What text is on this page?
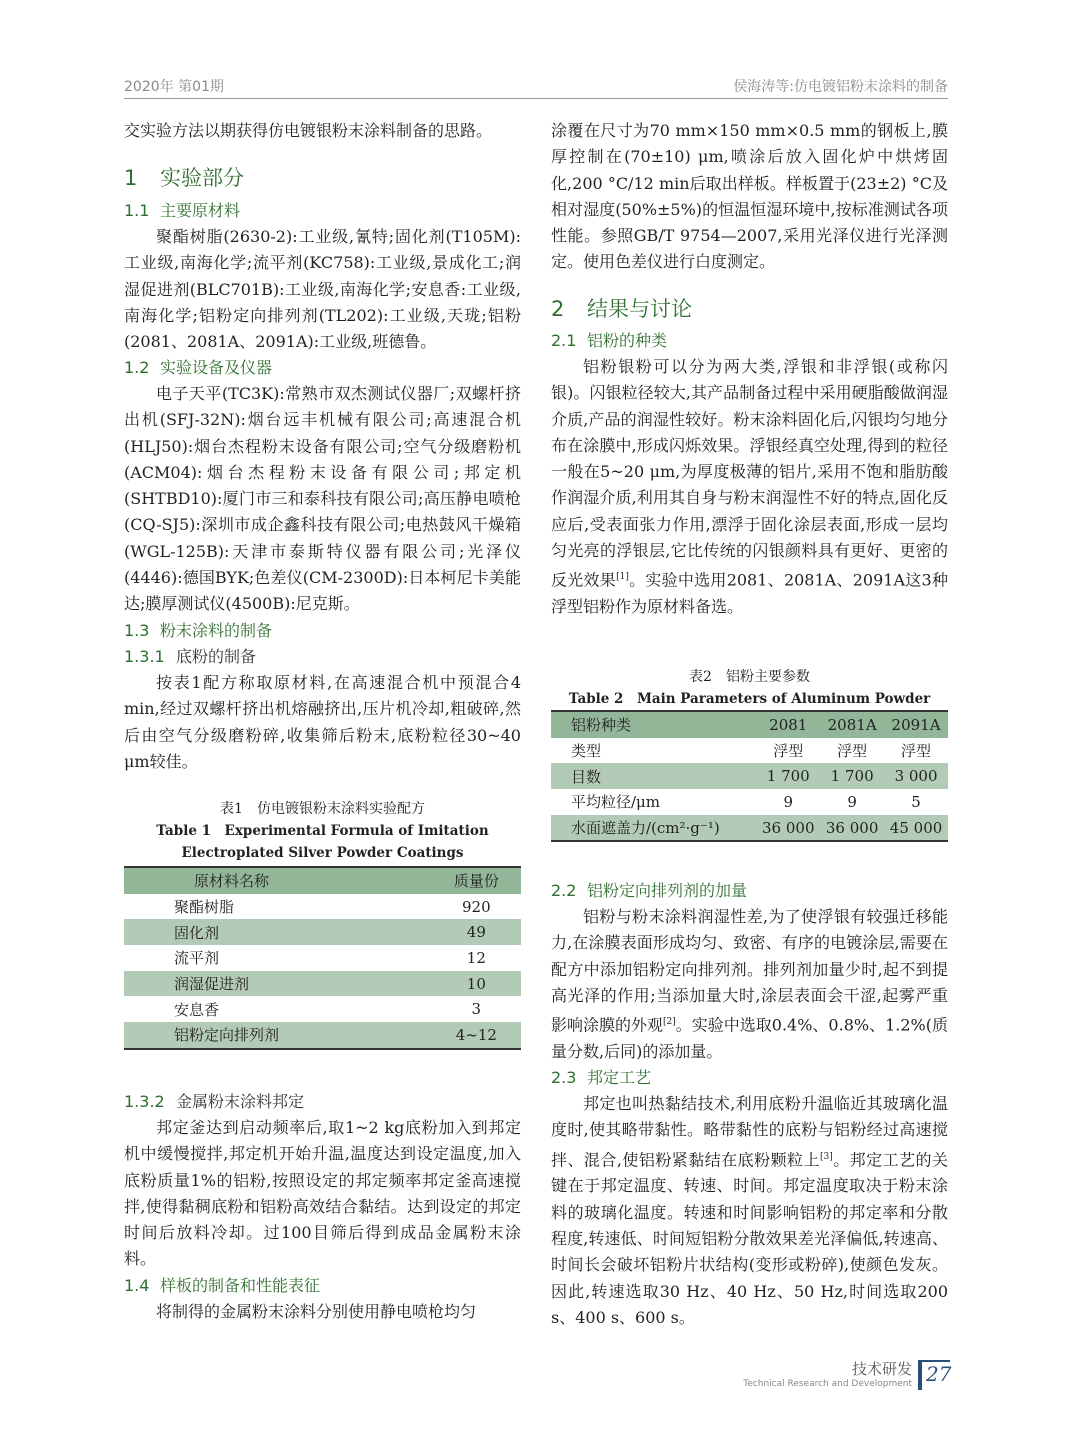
2020年 第01期	侯海涛等:仿电镀铝粉末涂料的制备

交实验方法以期获得仿电镀银粉末涂料制备的思路。

1 实验部分
1.1 主要原材料

聚酯树脂(2630-2):工业级,氰特;固化剂(T105M):工业级,南海化学;流平剂(KC758):工业级,景成化工;润湿促进剂(BLC701B):工业级,南海化学;安息香:工业级,南海化学;铝粉定向排列剂(TL202):工业级,天珑;铝粉(2081、2081A、2091A):工业级,班德鲁。

1.2 实验设备及仪器

电子天平(TC3K):常熟市双杰测试仪器厂;双螺杆挤出机(SFJ-32N):烟台远丰机械有限公司;高速混合机(HLJ50):烟台杰程粉末设备有限公司;空气分级磨粉机(ACM04):烟台杰程粉末设备有限公司;邦定机(SHTBD10):厦门市三和泰科技有限公司;高压静电喷枪(CQ-SJ5):深圳市成企鑫科技有限公司;电热鼓风干燥箱(WGL-125B):天津市泰斯特仪器有限公司;光泽仪(4446):德国BYK;色差仪(CM-2300D):日本柯尼卡美能达;膜厚测试仪(4500B):尼克斯。

1.3 粉末涂料的制备
1.3.1 底粉的制备

按表1配方称取原材料,在高速混合机中预混合4 min,经过双螺杆挤出机熔融挤出,压片机冷却,粗破碎,然后由空气分级磨粉碎,收集筛后粉末,底粉粒径30~40 μm较佳。

表1　仿电镀银粉末涂料实验配方
Table 1　Experimental Formula of Imitation Electroplated Silver Powder Coatings
原材料名称	质量份
聚酯树脂	920
固化剂	49
流平剂	12
润湿促进剂	10
安息香	3
铝粉定向排列剂	4~12
1.3.2 金属粉末涂料邦定

邦定釜达到启动频率后,取1~2 kg底粉加入到邦定机中缓慢搅拌,邦定机开始升温,温度达到设定温度,加入底粉质量1%的铝粉,按照设定的邦定频率邦定釜高速搅拌,使得黏稠底粉和铝粉高效结合黏结。达到设定的邦定时间后放料冷却。过100目筛后得到成品金属粉末涂料。

1.4 样板的制备和性能表征

将制得的金属粉末涂料分别使用静电喷枪均匀

涂覆在尺寸为70 mm×150 mm×0.5 mm的钢板上,膜厚控制在(70±10) μm,喷涂后放入固化炉中烘烤固化,200 °C/12 min后取出样板。样板置于(23±2) °C及相对湿度(50%±5%)的恒温恒湿环境中,按标准测试各项性能。参照GB/T 9754—2007,采用光泽仪进行光泽测定。使用色差仪进行白度测定。

2 结果与讨论
2.1 铝粉的种类

铝粉银粉可以分为两大类,浮银和非浮银(或称闪银)。闪银粒径较大,其产品制备过程中采用硬脂酸做润湿介质,产品的润湿性较好。粉末涂料固化后,闪银均匀地分布在涂膜中,形成闪烁效果。浮银经真空处理,得到的粒径一般在5~20 μm,为厚度极薄的铝片,采用不饱和脂肪酸作润湿介质,利用其自身与粉末润湿性不好的特点,固化反应后,受表面张力作用,漂浮于固化涂层表面,形成一层均匀光亮的浮银层,它比传统的闪银颜料具有更好、更密的反光效果[1]。实验中选用2081、2081A、2091A这3种浮型铝粉作为原材料备选。

表2　铝粉主要参数
Table 2　Main Parameters of Aluminum Powder
铝粉种类	2081	2081A	2091A
类型	浮型	浮型	浮型
目数	1 700	1 700	3 000
平均粒径/μm	9	9	5
水面遮盖力/(cm²·g⁻¹)	36 000	36 000	45 000
2.2 铝粉定向排列剂的加量

铝粉与粉末涂料润湿性差,为了使浮银有较强迁移能力,在涂膜表面形成均匀、致密、有序的电镀涂层,需要在配方中添加铝粉定向排列剂。排列剂加量少时,起不到提高光泽的作用;当添加量大时,涂层表面会干涩,起雾严重影响涂膜的外观[2]。实验中选取0.4%、0.8%、1.2%(质量分数,后同)的添加量。

2.3 邦定工艺

邦定也叫热黏结技术,利用底粉升温临近其玻璃化温度时,使其略带黏性。略带黏性的底粉与铝粉经过高速搅拌、混合,使铝粉紧黏结在底粉颗粒上[3]。邦定工艺的关键在于邦定温度、转速、时间。邦定温度取决于粉末涂料的玻璃化温度。转速和时间影响铝粉的邦定率和分散程度,转速低、时间短铝粉分散效果差光泽偏低,转速高、时间长会破坏铝粉片状结构(变形或粉碎),使颜色发灰。因此,转速选取30 Hz、40 Hz、50 Hz,时间选取200 s、400 s、600 s。

技术研发
Technical Research and Development 27
